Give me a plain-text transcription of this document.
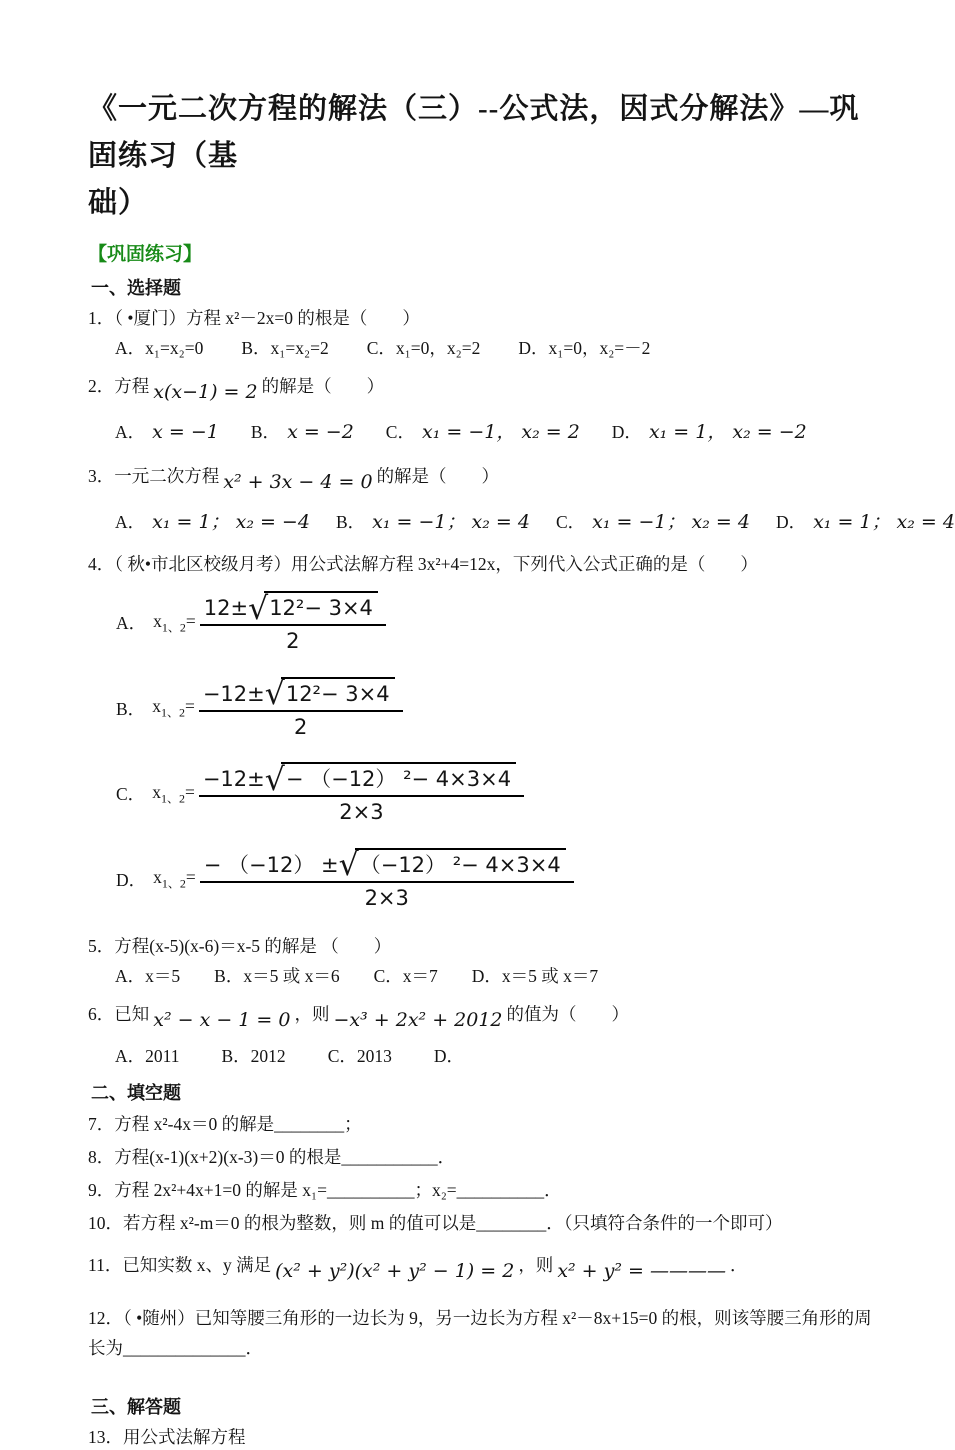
《一元二次方程的解法（三）--公式法，因式分解法》—巩固练习（基
础）
【巩固练习】
一、选择题

1．（ •厦门）方程 x²－2x=0 的根是（　　）

A．x₁=x₂=0 B．x₁=x₂=2 C．x₁=0，x₂=2 D．x₁=0，x₂=－2

2．方程 x(x−1) = 2 的解是（　　）

A． x = −1 B． x = −2 C． x₁ = −1， x₂ = 2 D． x₁ = 1， x₂ = −2

3．一元二次方程 x² + 3x − 4 = 0 的解是（　　）

A． x₁ = 1； x₂ = −4 B． x₁ = −1； x₂ = 4 C． x₁ = −1； x₂ = 4 D． x₁ = 1； x₂ = 4

4．（ 秋•市北区校级月考）用公式法解方程 3x²+4=12x，下列代入公式正确的是（　　）

A． $x_{1、2}= \frac{\text{12±√12²− 3×4}}{2}$
B． $x_{1、2}= \frac{\text{−12±√12²− 3×4}}{2}$
C． $x_{1、2}= \frac{\text{−12±√− （−12） ²− 4×3×4}}{2\times 3}$
D． $x_{1、2}= \frac{\text{− （−12） ±√（−12） ²− 4×3×4}}{2\times 3}$

5．方程(x-5)(x-6)＝x-5 的解是 （　　）

A．x＝5 B．x＝5 或 x＝6 C．x＝7 D．x＝5 或 x＝7

6．已知 x² − x − 1 = 0 ，则 −x³ + 2x² + 2012 的值为（　　）

A．2011 B．2012 C．2013 D．
二、填空题

7．方程 x²-4x＝0 的解是________；

8．方程(x-1)(x+2)(x-3)＝0 的根是___________．

9．方程 2x²+4x+1=0 的解是 x₁=__________；x₂=__________．

10．若方程 x²-m＝0 的根为整数，则 m 的值可以是________．（只填符合条件的一个即可）

11．已知实数 x、y 满足 (x² + y²)(x² + y² − 1) = 2 ，则 x² + y² = ———— ．

12．（ •随州）已知等腰三角形的一边长为 9，另一边长为方程 x²－8x+15=0 的根，则该等腰三角形的周

长为______________．

三、解答题

13．用公式法解方程
